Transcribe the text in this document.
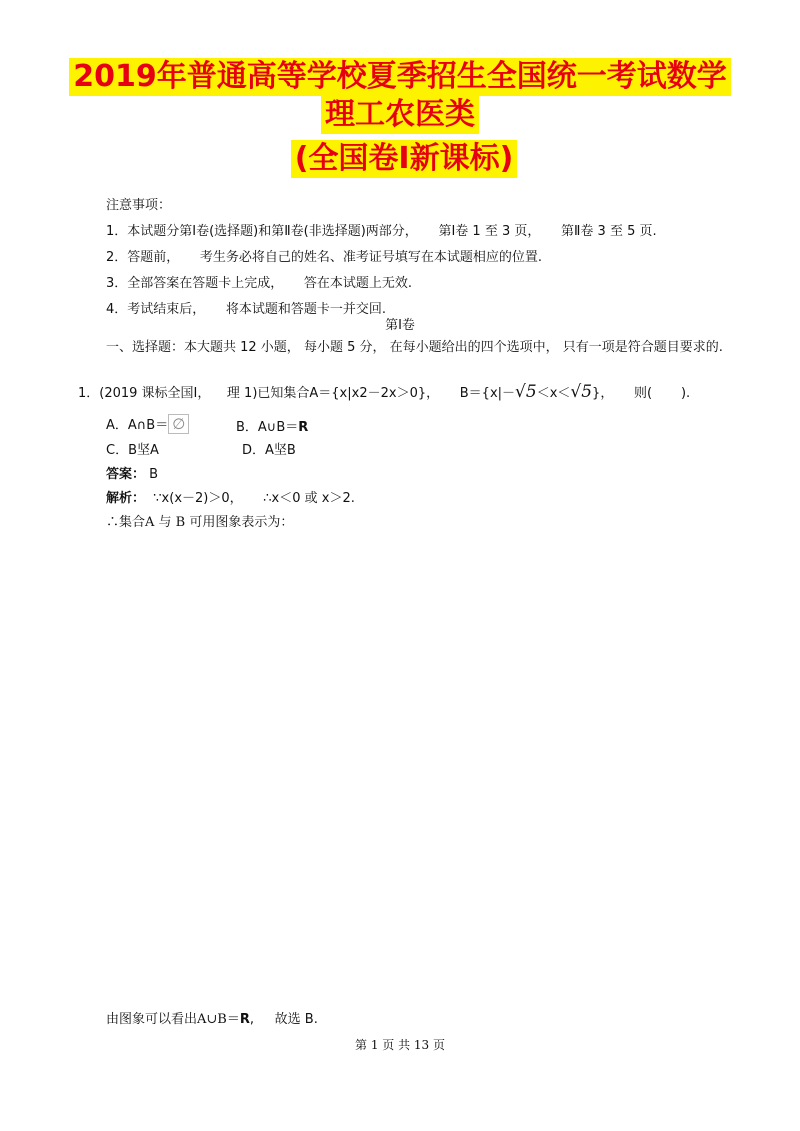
2019年普通高等学校夏季招生全国统一考试数学
理工农医类
(全国卷Ⅰ新课标)
注意事项：
1．本试题分第Ⅰ卷(选择题)和第Ⅱ卷(非选择题)两部分，     第Ⅰ卷 1 至 3 页，     第Ⅱ卷 3 至 5 页.
2．答题前，     考生务必将自己的姓名、准考证号填写在本试题相应的位置.
3．全部答案在答题卡上完成，     答在本试题上无效.
4．考试结束后，     将本试题和答题卡一并交回.
第Ⅰ卷
一、选择题：本大题共 12 小题， 每小题 5 分， 在每小题给出的四个选项中， 只有一项是符合题目要求的.
1．(2019 课标全国Ⅰ，    理 1)已知集合A＝{x|x2－2x＞0}，     B＝{x|－√5＜x＜√5}，     则(       ).
A．A∩B＝ ∅	B．A∪B＝R
C．B坚A	D．A坚B
答案： B
解析：  ∵x(x－2)＞0，     ∴x＜0 或 x＞2.
∴集合A 与 B 可用图象表示为：
由图象可以看出A∪B＝R,     故选 B.
第 1 页 共 13 页
